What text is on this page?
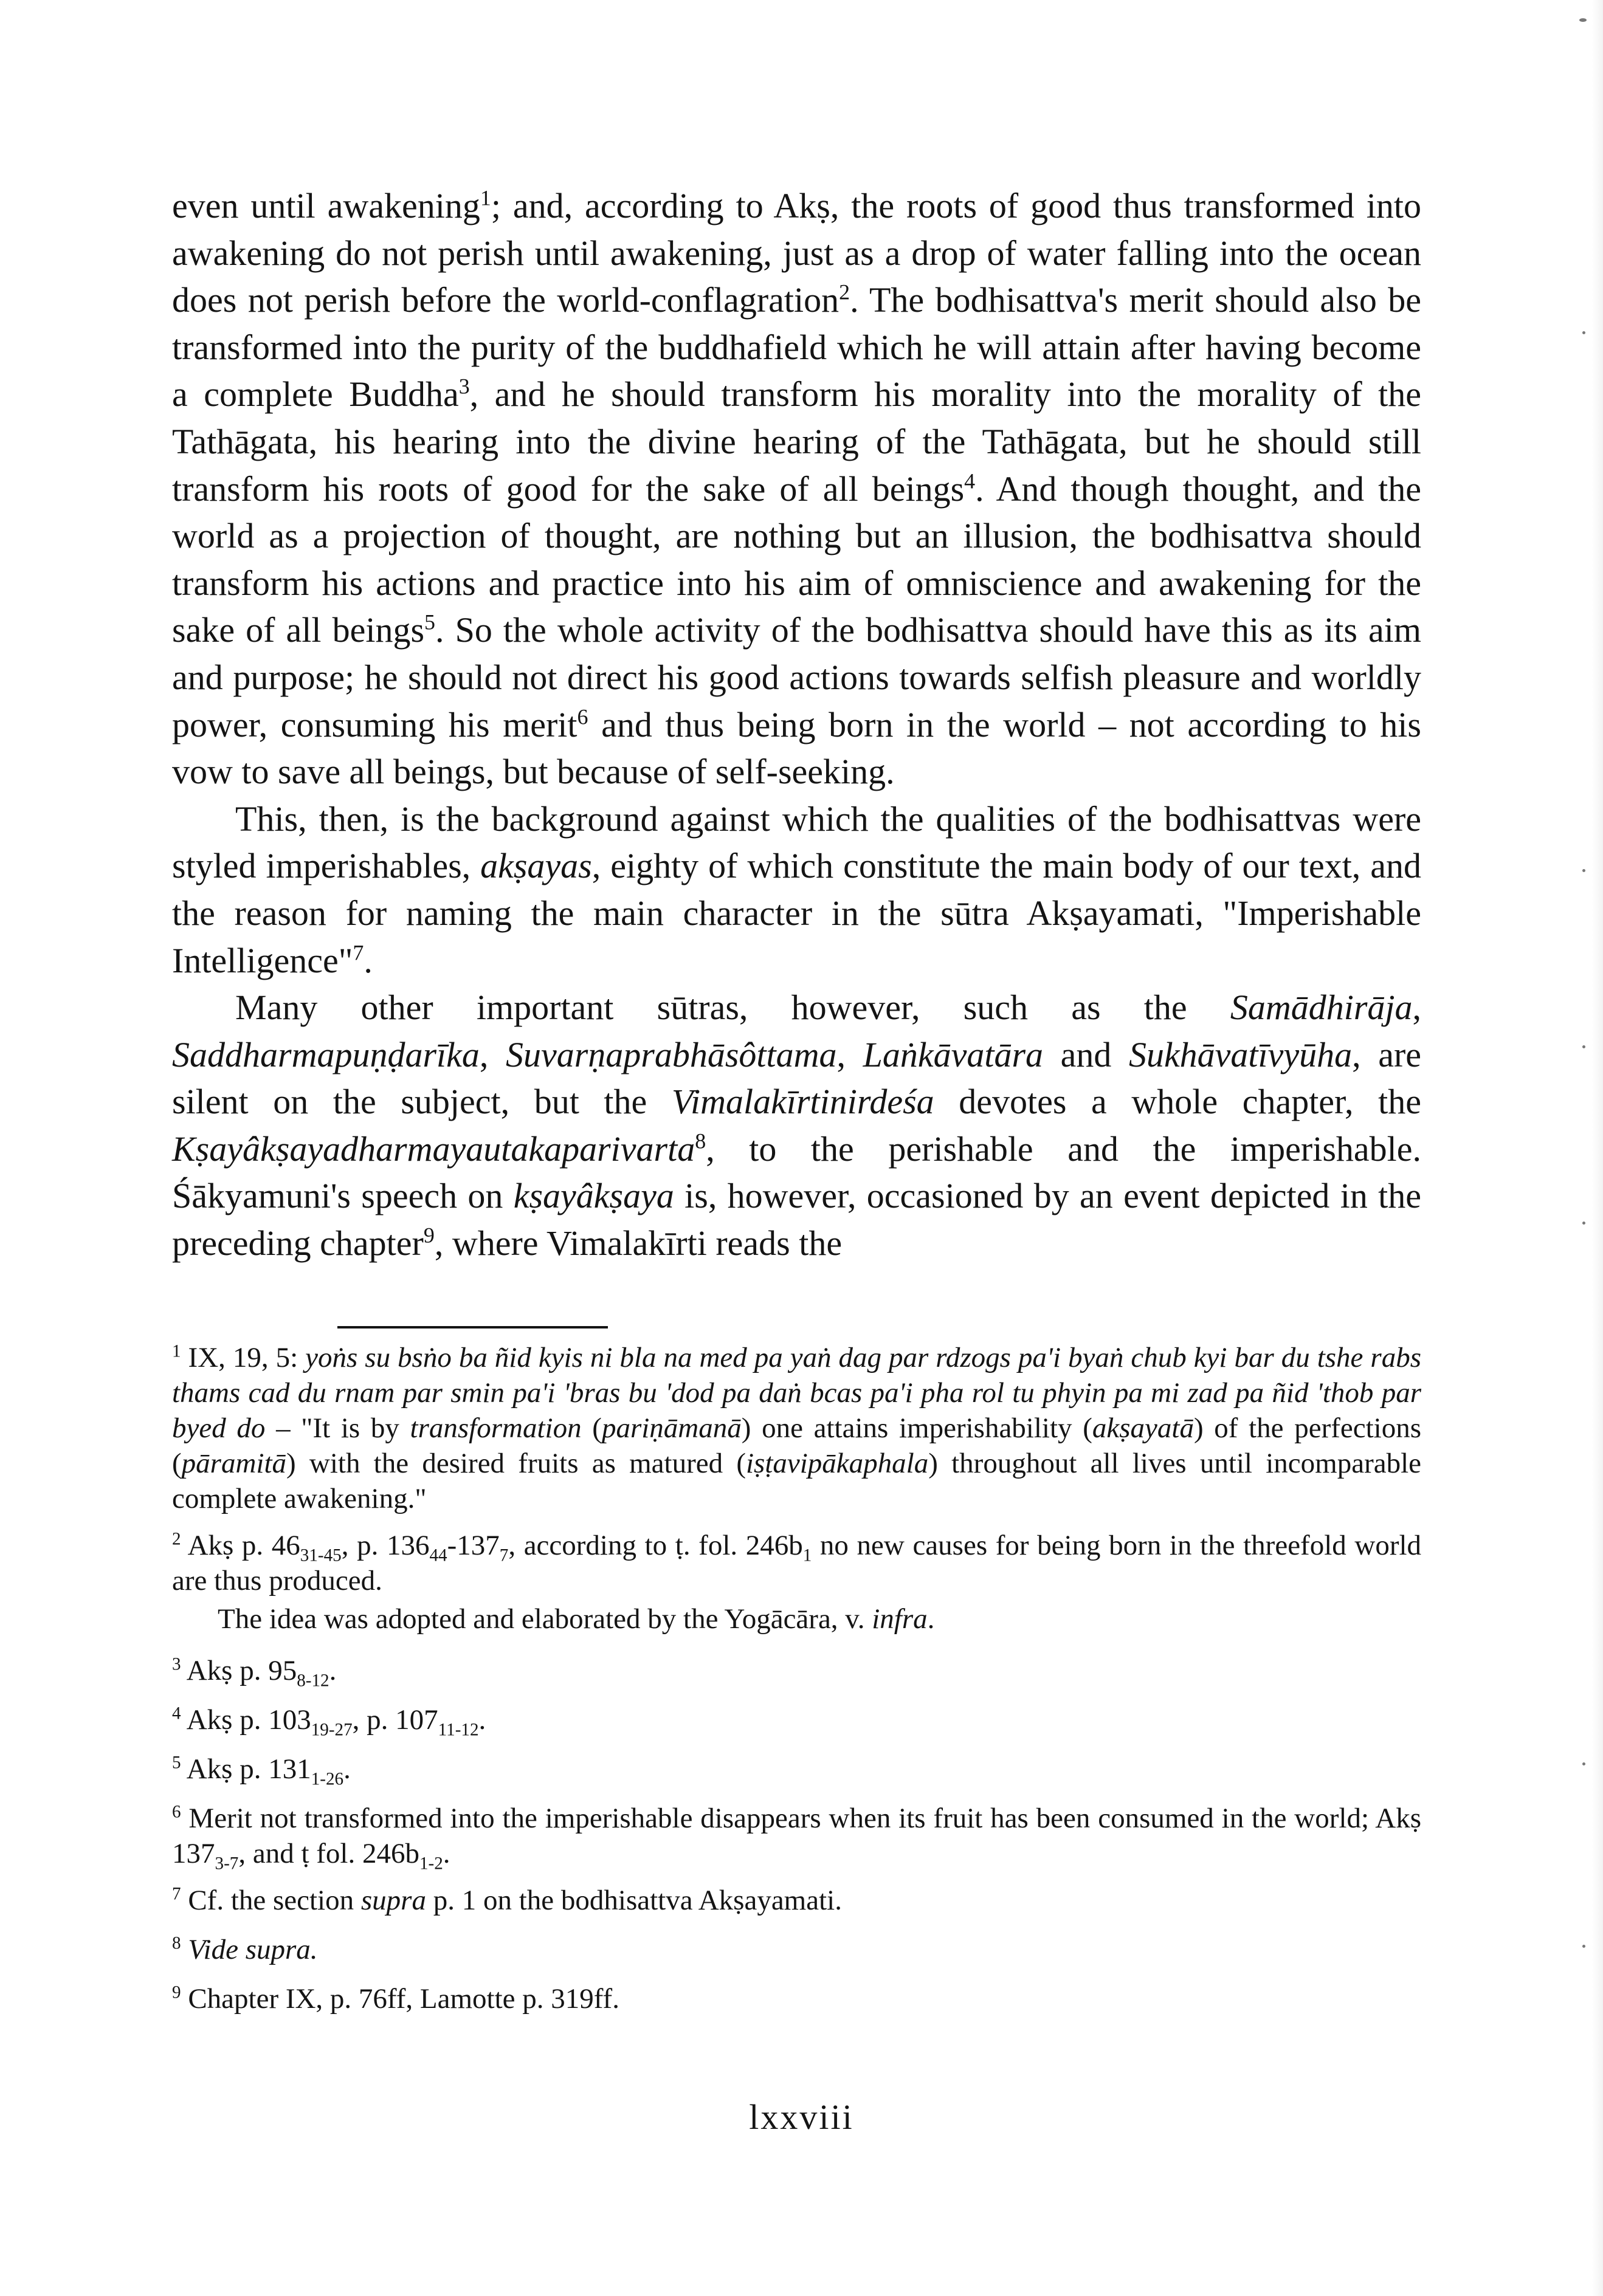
even until awakening$^1$; and, according to Akṣ, the roots of good thus transformed into awakening do not perish until awakening, just as a drop of water falling into the ocean does not perish before the world-conflagration$^2$. The bodhisattva's merit should also be transformed into the purity of the buddhafield which he will attain after having become a complete Buddha$^3$, and he should transform his morality into the morality of the Tathāgata, his hearing into the divine hearing of the Tathāgata, but he should still transform his roots of good for the sake of all beings$^4$. And though thought, and the world as a projection of thought, are nothing but an illusion, the bodhisattva should transform his actions and practice into his aim of omniscience and awakening for the sake of all beings$^5$. So the whole activity of the bodhisattva should have this as its aim and purpose; he should not direct his good actions towards selfish pleasure and worldly power, consuming his merit$^6$ and thus being born in the world – not according to his vow to save all beings, but because of self-seeking.

This, then, is the background against which the qualities of the bodhisattvas were styled imperishables, akṣayas, eighty of which constitute the main body of our text, and the reason for naming the main character in the sūtra Akṣayamati, "Imperishable Intelligence"$^7$.

Many other important sūtras, however, such as the Samādhirāja, Saddharmapuṇḍarīka, Suvarṇaprabhāsôttama, Laṅkāvatāra and Sukhāvatīvyūha, are silent on the subject, but the Vimalakīrtinirdeśa devotes a whole chapter, the Kṣayâkṣayadharmayautakaparivarta$^8$, to the perishable and the imperishable. Śākyamuni's speech on kṣayâkṣaya is, however, occasioned by an event depicted in the preceding chapter$^9$, where Vimalakīrti reads the

$^1$ IX, 19, 5: yoṅs su bsṅo ba ñid kyis ni bla na med pa yaṅ dag par rdzogs pa'i byaṅ chub kyi bar du tshe rabs thams cad du rnam par smin pa'i 'bras bu 'dod pa daṅ bcas pa'i pha rol tu phyin pa mi zad pa ñid 'thob par byed do – "It is by transformation (pariṇāmanā) one attains imperishability (akṣayatā) of the perfections (pāramitā) with the desired fruits as matured (iṣṭavipākaphala) throughout all lives until incomparable complete awakening."

$^2$ Akṣ p. $46_{31-45}$, p. $136_{44}-137_7$, according to ṭ. fol. $246b_1$ no new causes for being born in the threefold world are thus produced.

The idea was adopted and elaborated by the Yogācāra, v. infra.

$^3$ Akṣ p. $95_{8-12}$.

$^4$ Akṣ p. $103_{19-27}$, p. $107_{11-12}$.

$^5$ Akṣ p. $131_{1-26}$.

$^6$ Merit not transformed into the imperishable disappears when its fruit has been consumed in the world; Akṣ $137_{3-7}$, and ṭ fol. $246b_{1-2}$.

$^7$ Cf. the section supra p. 1 on the bodhisattva Akṣayamati.

$^8$ Vide supra.

$^9$ Chapter IX, p. 76ff, Lamotte p. 319ff.

lxxviii
